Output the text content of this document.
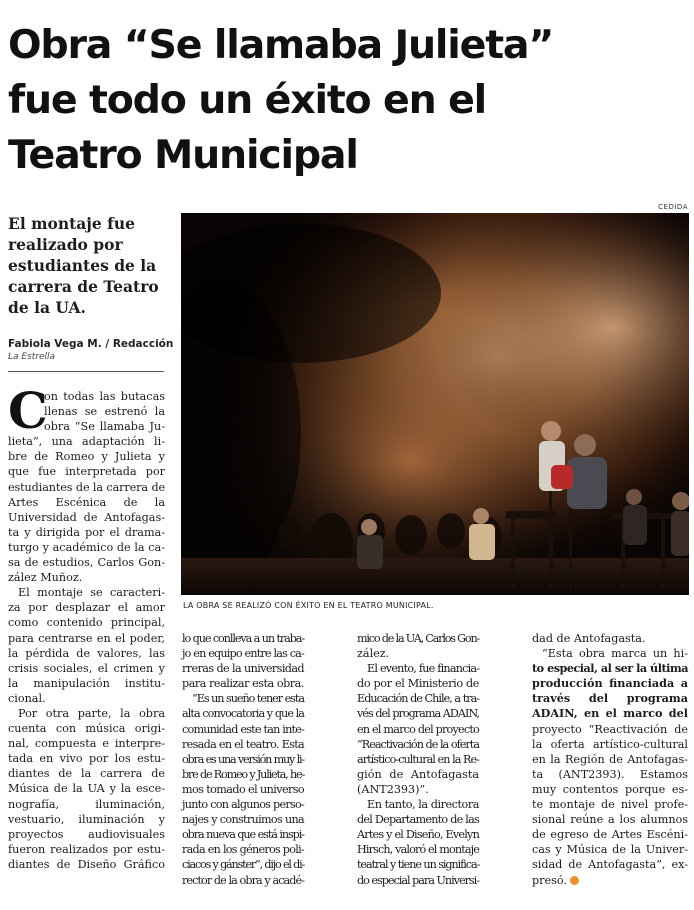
Obra “Se llamaba Julieta”
fue todo un éxito en el
Teatro Municipal
El montaje fue
realizado por
estudiantes de la
carrera de Teatro
de la UA.
Fabiola Vega M. / Redacción
La Estrella
CEDIDA
LA OBRA SE REALIZÓ CON ÉXITO EN EL TEATRO MUNICIPAL.
C
on todas las butacas
llenas se estrenó la
obra “Se llamaba Ju-
lieta”, una adaptación li-
bre de Romeo y Julieta y
que fue interpretada por
estudiantes de la carrera de
Artes Escénica de la
Universidad de Antofagas-
ta y dirigida por el drama-
turgo y académico de la ca-
sa de estudios, Carlos Gon-
zález Muñoz.
El montaje se caracteri-
za por desplazar el amor
como contenido principal,
para centrarse en el poder,
la pérdida de valores, las
crisis sociales, el crimen y
la manipulación institu-
cional.
Por otra parte, la obra
cuenta con música origi-
nal, compuesta e interpre-
tada en vivo por los estu-
diantes de la carrera de
Música de la UA y la esce-
nografía, iluminación,
vestuario, iluminación y
proyectos audiovisuales
fueron realizados por estu-
diantes de Diseño Gráfico
lo que conlleva a un traba-
jo en equipo entre las ca-
rreras de la universidad
para realizar esta obra.
“Es un sueño tener esta
alta convocatoria y que la
comunidad este tan inte-
resada en el teatro. Esta
obra es una versión muy li-
bre de Romeo y Julieta, he-
mos tomado el universo
junto con algunos perso-
najes y construimos una
obra nueva que está inspi-
rada en los géneros poli-
ciacos y gánster”, dijo el di-
rector de la obra y acadé-
mico de la UA, Carlos Gon-
zález.
El evento, fue financia-
do por el Ministerio de
Educación de Chile, a tra-
vés del programa ADAIN,
en el marco del proyecto
“Reactivación de la oferta
artístico-cultural en la Re-
gión de Antofagasta
(ANT2393)”.
En tanto, la directora
del Departamento de las
Artes y el Diseño, Evelyn
Hirsch, valoró el montaje
teatral y tiene un significa-
do especial para Universi-
dad de Antofagasta.
“Esta obra marca un hi-
to especial, al ser la última
producción financiada a
través del programa
ADAIN, en el marco del
proyecto “Reactivación de
la oferta artístico-cultural
en la Región de Antofagas-
ta (ANT2393). Estamos
muy contentos porque es-
te montaje de nivel profe-
sional reúne a los alumnos
de egreso de Artes Escéni-
cas y Música de la Univer-
sidad de Antofagasta”, ex-
presó.
